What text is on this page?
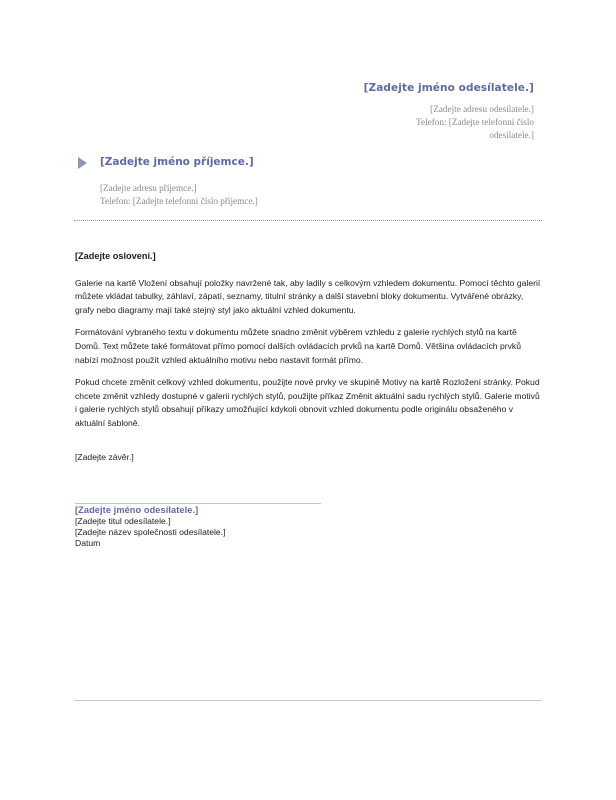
[Zadejte jméno odesílatele.]
[Zadejte adresu odesílatele.]
Telefon: [Zadejte telefonní číslo
odesílatele.]
[Zadejte jméno příjemce.]
[Zadejte adresu příjemce.]
Telefon: [Zadejte telefonní číslo příjemce.]

[Zadejte oslovení.]

Galerie na kartě Vložení obsahují položky navržené tak, aby ladily s celkovým vzhledem dokumentu. Pomocí těchto galerií můžete vkládat tabulky, záhlaví, zápatí, seznamy, titulní stránky a další stavební bloky dokumentu. Vytvářené obrázky, grafy nebo diagramy mají také stejný styl jako aktuální vzhled dokumentu.

Formátování vybraného textu v dokumentu můžete snadno změnit výběrem vzhledu z galerie rychlých stylů na kartě Domů. Text můžete také formátovat přímo pomocí dalších ovládacích prvků na kartě Domů. Většina ovládacích prvků nabízí možnost použít vzhled aktuálního motivu nebo nastavit formát přímo.

Pokud chcete změnit celkový vzhled dokumentu, použijte nové prvky ve skupině Motivy na kartě Rozložení stránky. Pokud chcete změnit vzhledy dostupné v galerii rychlých stylů, použijte příkaz Změnit aktuální sadu rychlých stylů. Galerie motivů i galerie rychlých stylů obsahují příkazy umožňující kdykoli obnovit vzhled dokumentu podle originálu obsaženého v aktuální šabloně.

[Zadejte závěr.]

[Zadejte jméno odesílatele.]
[Zadejte titul odesílatele.]
[Zadejte název společnosti odesílatele.]
Datum
